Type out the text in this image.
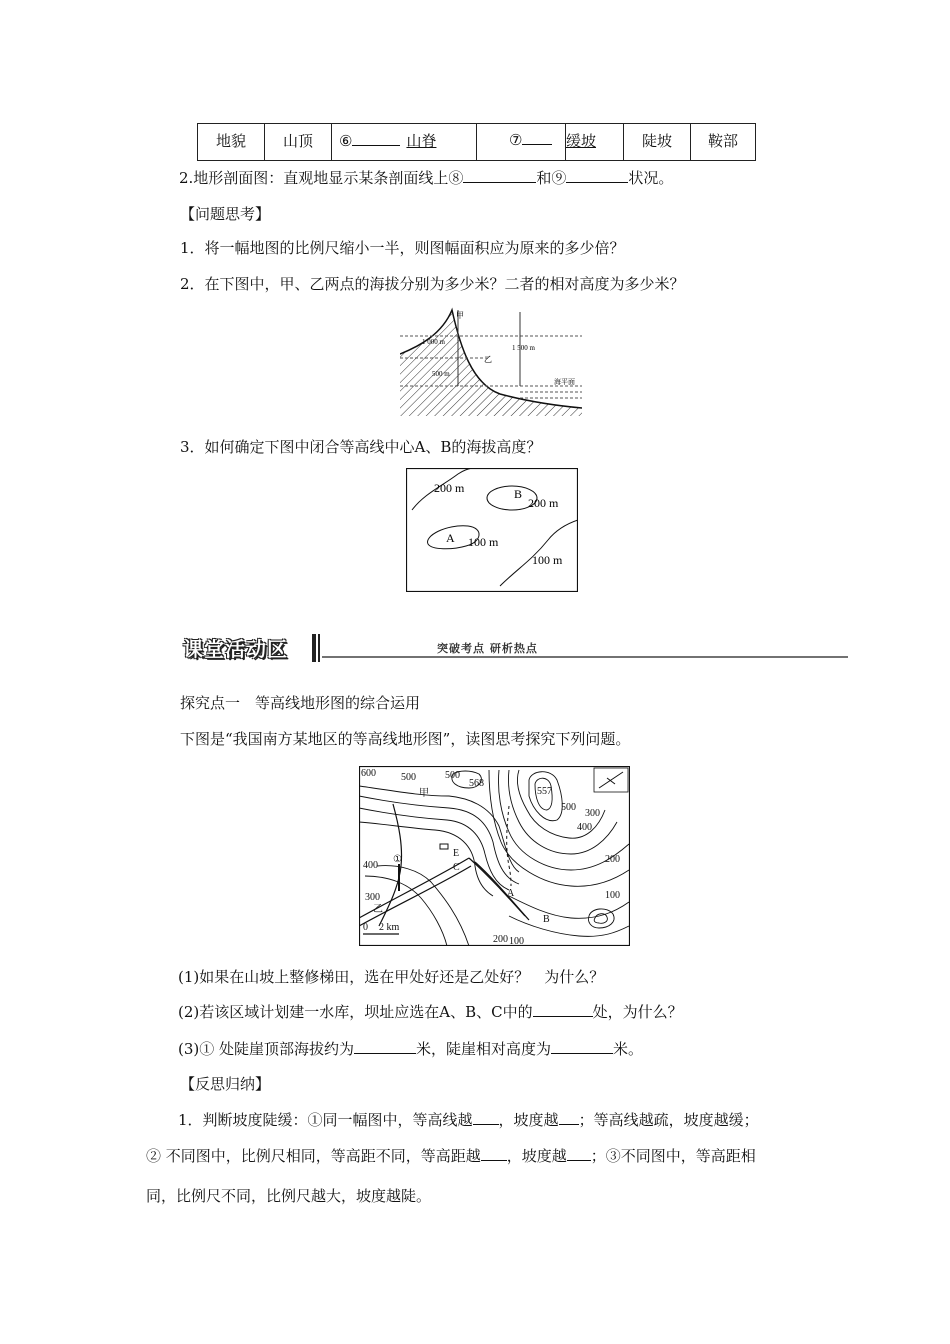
地貌	山顶	⑥	山脊	⑦	缓坡	陡坡	鞍部
2.地形剖面图：直观地显示某条剖面线上⑧	和⑨	状况。
【问题思考】
1．将一幅地图的比例尺缩小一半，则图幅面积应为原来的多少倍？
2．在下图中，甲、乙两点的海拔分别为多少米？二者的相对高度为多少米？
甲
乙
1 000 m
500 m
1 500 m
海平面
3．如何确定下图中闭合等高线中心A、B的海拔高度？
200 m	B
200 m
A 100 m
100 m
课堂活动区	突破考点 研析热点
探究点一　等高线地形图的综合运用
下图是“我国南方某地区的等高线地形图”，读图思考探究下列问题。
600	500	500
568
557
500
300
400
200
100
甲
E
C
①
400
300
乙
A
B
200 100
0 2 km
(1)如果在山坡上整修梯田，选在甲处好还是乙处好？　为什么？
(2)若该区域计划建一水库，坝址应选在A、B、C中的	处，为什么？
(3)① 处陡崖顶部海拔约为	米，陡崖相对高度为	米。
【反思归纳】
1．判断坡度陡缓：①同一幅图中，等高线越 ，坡度越 ；等高线越疏，坡度越缓；
② 不同图中，比例尺相同，等高距不同，等高距越 ，坡度越 ；③不同图中，等高距相
同，比例尺不同，比例尺越大，坡度越陡。
